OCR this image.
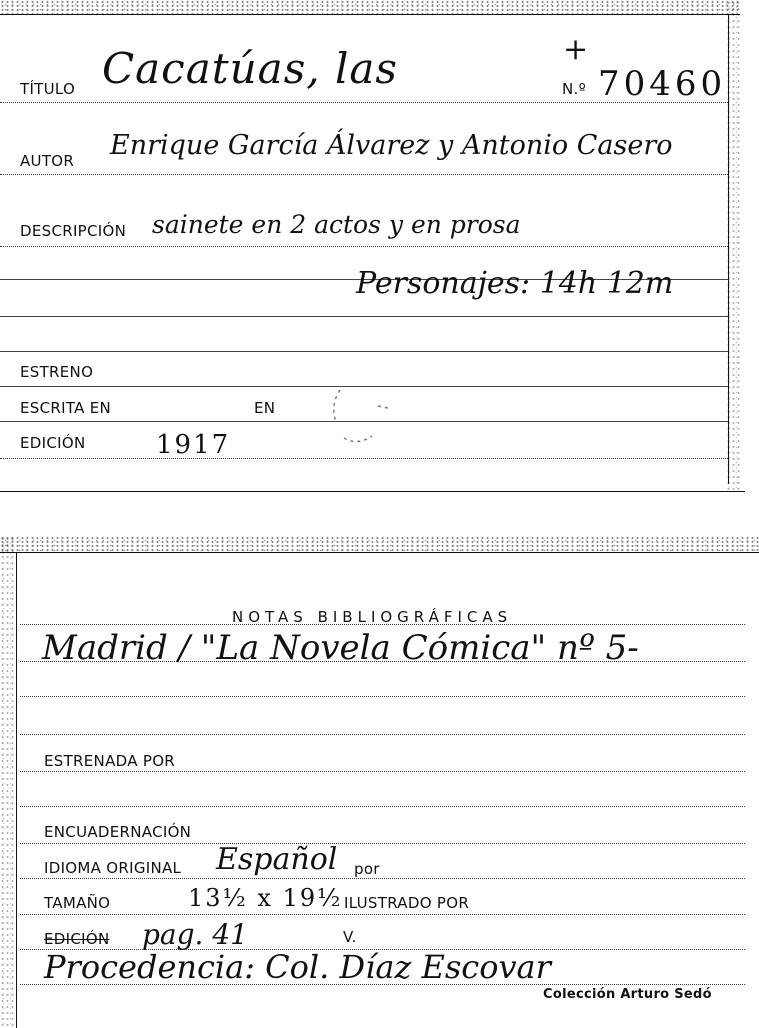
TÍTULO Cacatúas, las	+
N.º 70460
AUTOR Enrique García Álvarez y Antonio Casero
DESCRIPCIÓN sainete en 2 actos y en prosa
Personajes: 14h 12m
ESTRENO
ESCRITA EN	EN
EDICIÓN	1917
NOTAS BIBLIOGRÁFICAS
Madrid / "La Novela Cómica" nº 5-
ESTRENADA POR
ENCUADERNACIÓN
IDIOMA ORIGINAL Español por
TAMAÑO	13½ x 19½ ILUSTRADO POR
EDICIÓN pag. 41	V.
Procedencia: Col. Díaz Escovar
Colección Arturo Sedó
